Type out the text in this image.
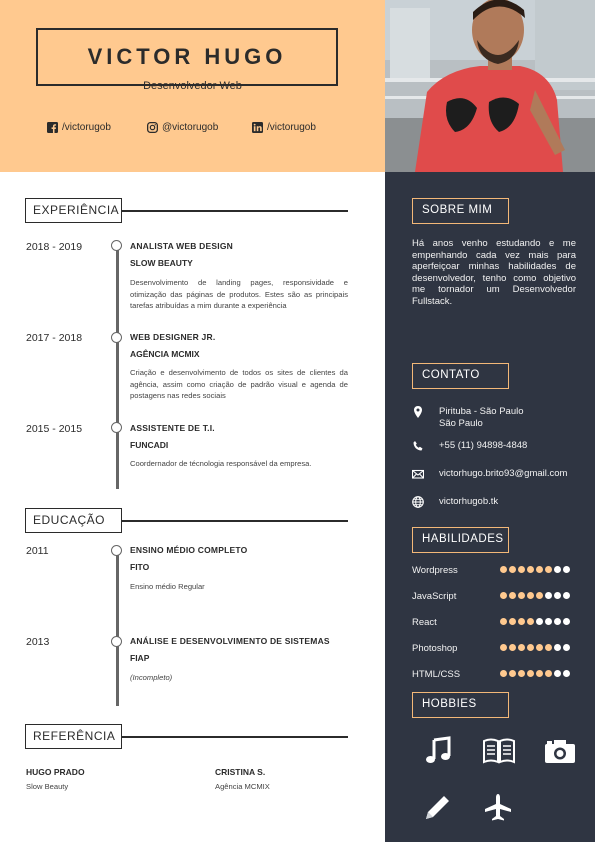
VICTOR HUGO
Desenvolvedor Web
/victorugob	@victorugob	/victorugob
EXPERIÊNCIA
2018 - 2019	ANALISTA WEB DESIGN
SLOW BEAUTY
Desenvolvimento de landing pages, responsividade e otimização das páginas de produtos. Estes são as principais tarefas atribuídas a mim durante a experiência
2017 - 2018	WEB DESIGNER JR.
AGÊNCIA MCMIX
Criação e desenvolvimento de todos os sites de clientes da agência, assim como criação de padrão visual e agenda de postagens nas redes sociais
2015 - 2015	ASSISTENTE DE T.I.
FUNCADI
Coordernador de técnologia responsável da empresa.
EDUCAÇÃO
2011	ENSINO MÉDIO COMPLETO
FITO
Ensino médio Regular
2013	ANÁLISE E DESENVOLVIMENTO DE SISTEMAS
FIAP
(Incompleto)
REFERÊNCIA
HUGO PRADO
Slow Beauty
CRISTINA S.
Agência MCMIX
SOBRE MIM
Há anos venho estudando e me empenhando cada vez mais para aperfeiçoar minhas habilidades de desenvolvedor, tenho como objetivo me tornador um Desenvolvedor Fullstack.
CONTATO
Pirituba - São Paulo
São Paulo
+55 (11) 94898-4848
victorhugo.brito93@gmail.com
victorhugob.tk
HABILIDADES
Wordpress
JavaScript
React
Photoshop
HTML/CSS
HOBBIES
